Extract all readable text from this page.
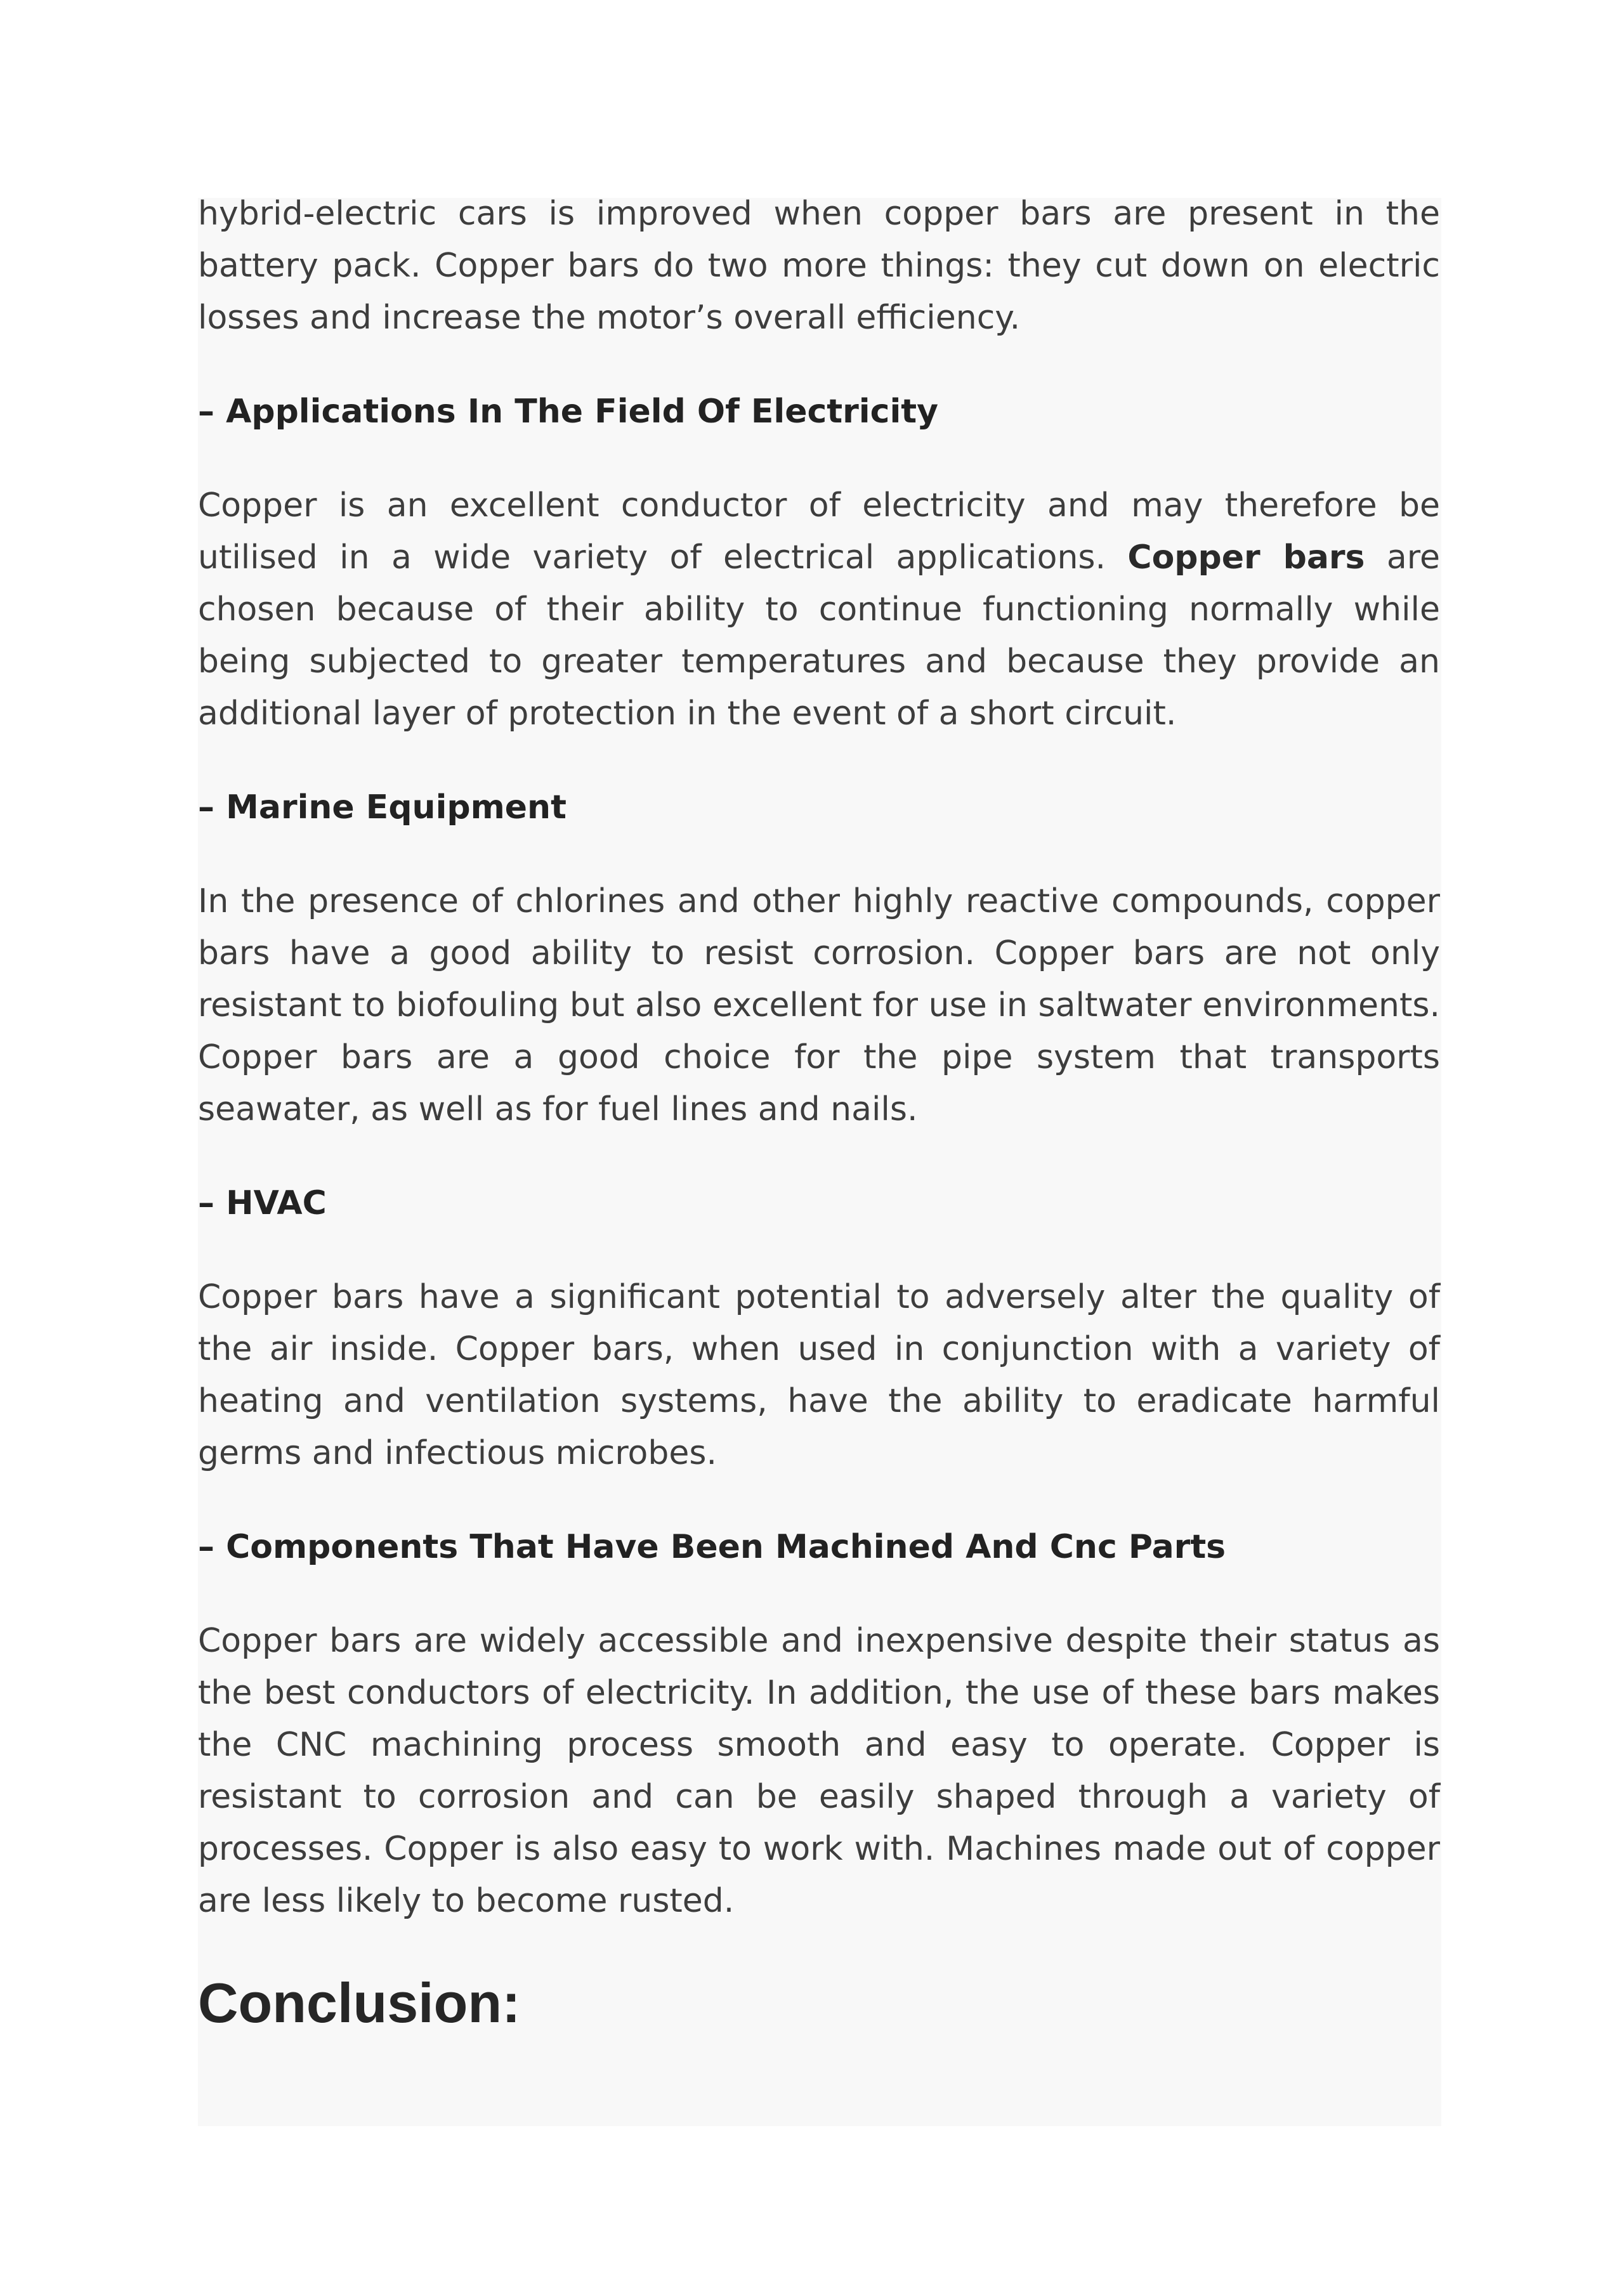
hybrid-electric cars is improved when copper bars are present in the battery pack. Copper bars do two more things: they cut down on electric losses and increase the motor’s overall efficiency.

– Applications In The Field Of Electricity

Copper is an excellent conductor of electricity and may therefore be utilised in a wide variety of electrical applications. Copper bars are chosen because of their ability to continue functioning normally while being subjected to greater temperatures and because they provide an additional layer of protection in the event of a short circuit.

– Marine Equipment

In the presence of chlorines and other highly reactive compounds, copper bars have a good ability to resist corrosion. Copper bars are not only resistant to biofouling but also excellent for use in saltwater environments. Copper bars are a good choice for the pipe system that transports seawater, as well as for fuel lines and nails.

– HVAC

Copper bars have a significant potential to adversely alter the quality of the air inside. Copper bars, when used in conjunction with a variety of heating and ventilation systems, have the ability to eradicate harmful germs and infectious microbes.

– Components That Have Been Machined And Cnc Parts

Copper bars are widely accessible and inexpensive despite their status as the best conductors of electricity. In addition, the use of these bars makes the CNC machining process smooth and easy to operate. Copper is resistant to corrosion and can be easily shaped through a variety of processes. Copper is also easy to work with. Machines made out of copper are less likely to become rusted.

Conclusion:
